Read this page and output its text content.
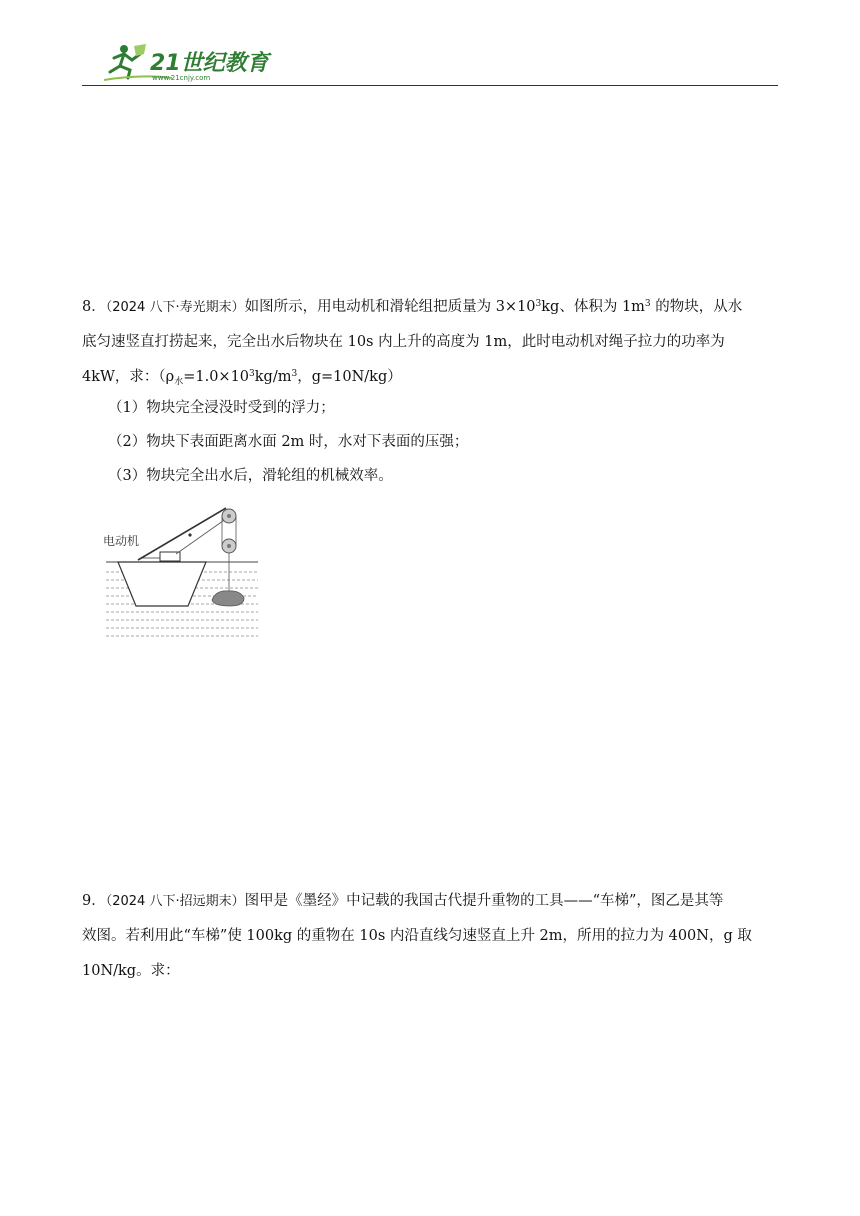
21世纪教育
www.21cnjy.com
8．（2024 八下·寿光期末）如图所示，用电动机和滑轮组把质量为 $3\times 10^3kg$、体积为 $1m^3$ 的物块，从水
底匀速竖直打捞起来，完全出水后物块在 10s 内上升的高度为 1m，此时电动机对绳子拉力的功率为
4kW，求：（$\rho_水=1.0\times 10^3kg/m^3$，g=10N/kg）
（1）物块完全浸没时受到的浮力；
（2）物块下表面距离水面 2m 时，水对下表面的压强；
（3）物块完全出水后，滑轮组的机械效率。
电动机
9．（2024 八下·招远期末）图甲是《墨经》中记载的我国古代提升重物的工具——“车梯”，图乙是其等
效图。若利用此“车梯”使 100kg 的重物在 10s 内沿直线匀速竖直上升 2m，所用的拉力为 400N，g 取
10N/kg。求：
